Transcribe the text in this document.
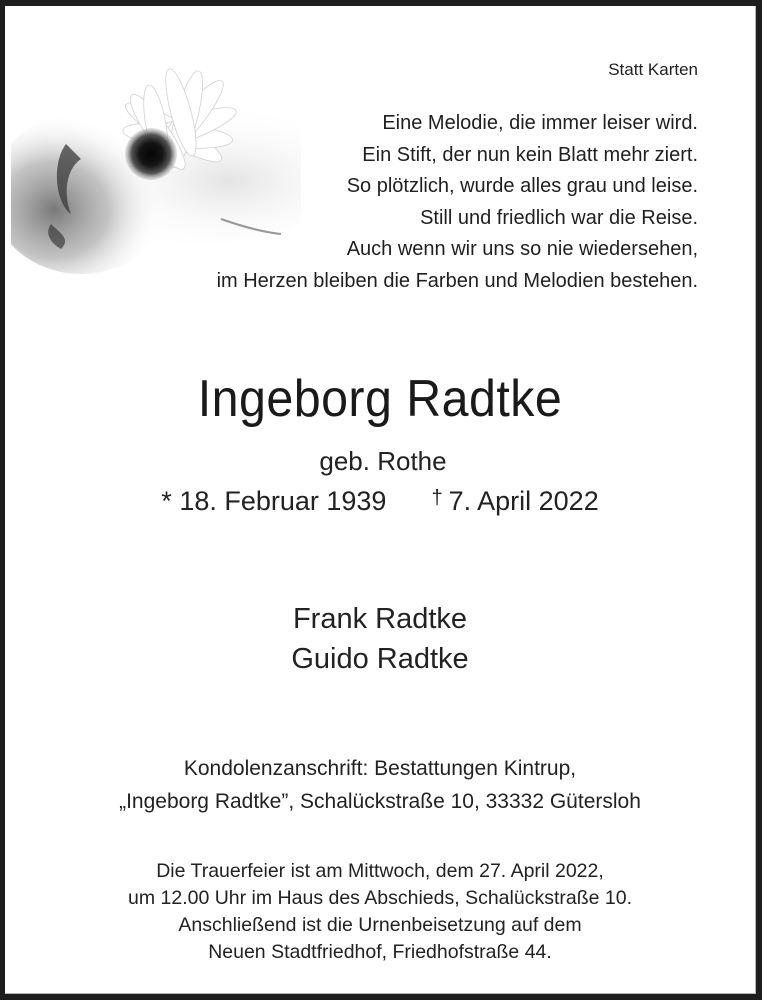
Statt Karten
Eine Melodie, die immer leiser wird.
Ein Stift, der nun kein Blatt mehr ziert.
So plötzlich, wurde alles grau und leise.
Still und friedlich war die Reise.
Auch wenn wir uns so nie wiedersehen,
im Herzen bleiben die Farben und Melodien bestehen.
Ingeborg Radtke
geb. Rothe
* 18. Februar 1939 † 7. April 2022
Frank Radtke
Guido Radtke
Kondolenzanschrift: Bestattungen Kintrup,
„Ingeborg Radtke”, Schalückstraße 10, 33332 Gütersloh
Die Trauerfeier ist am Mittwoch, dem 27. April 2022,
um 12.00 Uhr im Haus des Abschieds, Schalückstraße 10.
Anschließend ist die Urnenbeisetzung auf dem
Neuen Stadtfriedhof, Friedhofstraße 44.
